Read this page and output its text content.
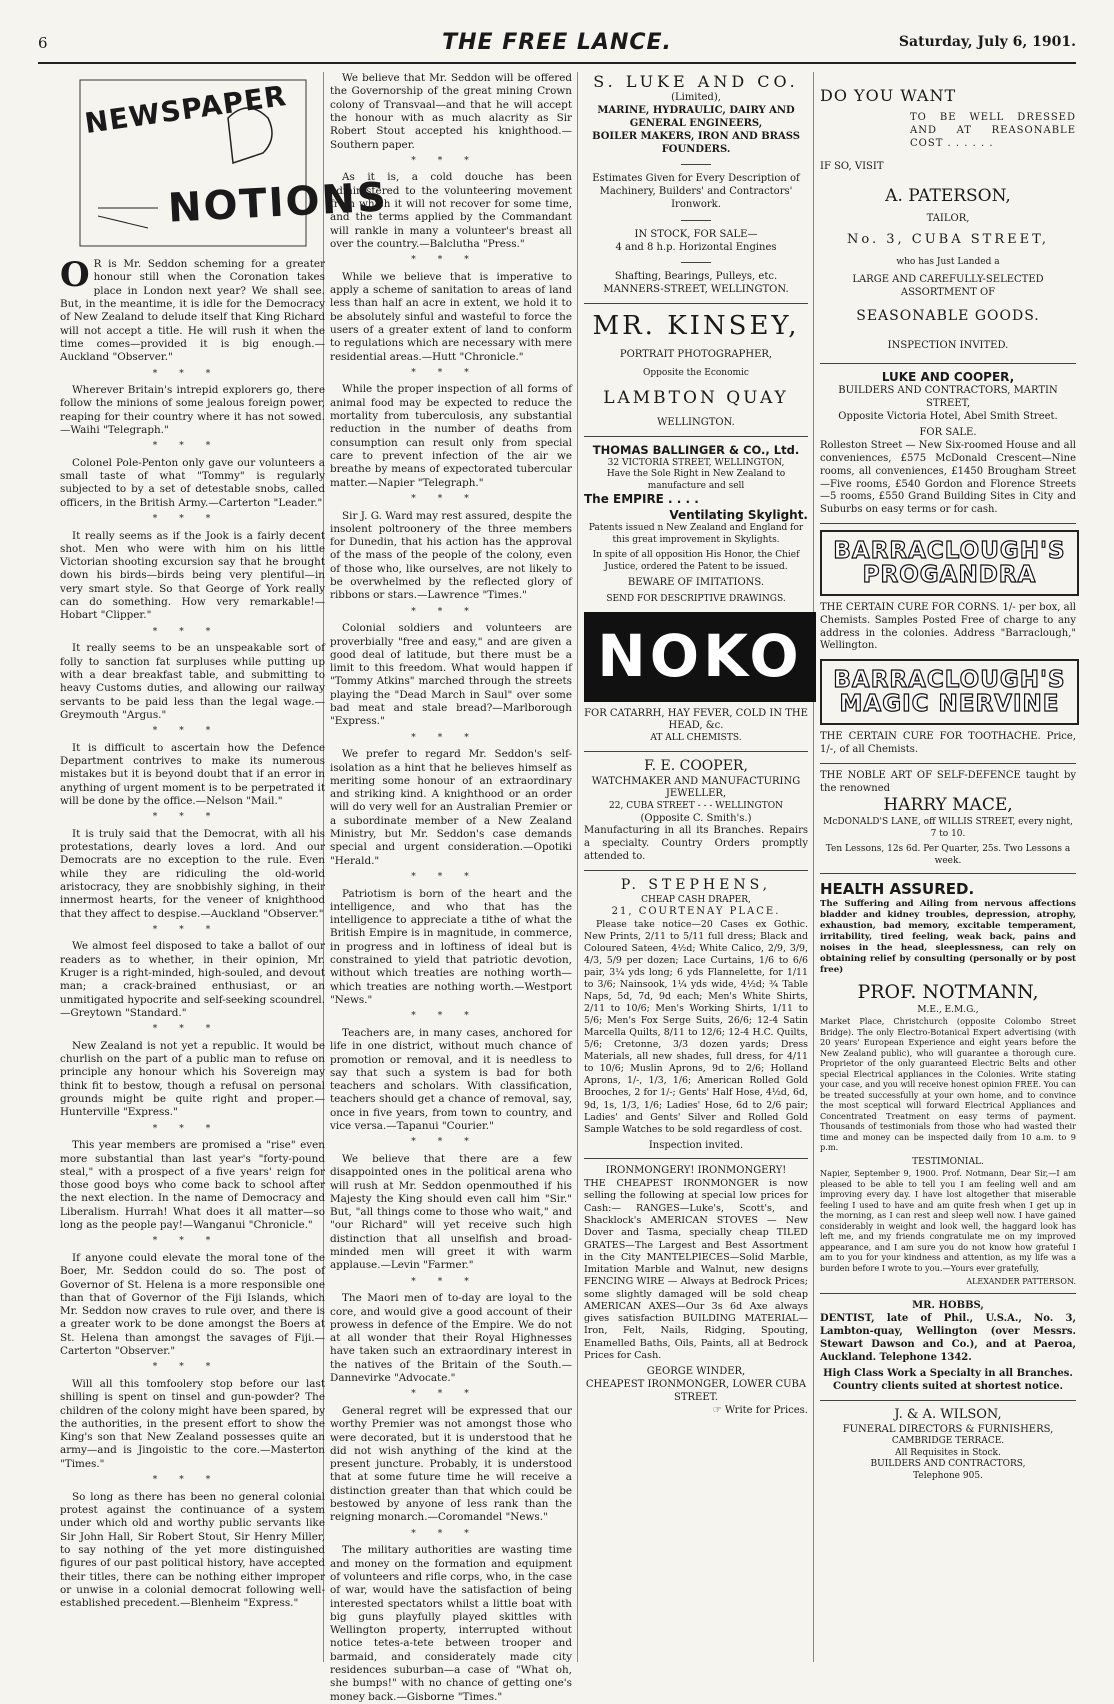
6	THE FREE LANCE.	Saturday, July 6, 1901.
NEWSPAPER
NOTIONS

O R is Mr. Seddon scheming for a greater honour still when the Coronation takes place in London next year? We shall see. But, in the meantime, it is idle for the Democracy of New Zealand to delude itself that King Richard will not accept a title. He will rush it when the time comes—provided it is big enough.—Auckland "Observer."

***

Wherever Britain's intrepid explorers go, there follow the minions of some jealous foreign power, reaping for their country where it has not sowed.—Waihi "Telegraph."

***

Colonel Pole-Penton only gave our volunteers a small taste of what "Tommy" is regularly subjected to by a set of detestable snobs, called officers, in the British Army.—Carterton "Leader."

***

It really seems as if the Jook is a fairly decent shot. Men who were with him on his little Victorian shooting excursion say that he brought down his birds—birds being very plentiful—in very smart style. So that George of York really can do something. How very remarkable!—Hobart "Clipper."

***

It really seems to be an unspeakable sort of folly to sanction fat surpluses while putting up with a dear breakfast table, and submitting to heavy Customs duties, and allowing our railway servants to be paid less than the legal wage.—Greymouth "Argus."

***

It is difficult to ascertain how the Defence Department contrives to make its numerous mistakes but it is beyond doubt that if an error in anything of urgent moment is to be perpetrated it will be done by the office.—Nelson "Mail."

***

It is truly said that the Democrat, with all his protestations, dearly loves a lord. And our Democrats are no exception to the rule. Even while they are ridiculing the old-world aristocracy, they are snobbishly sighing, in their innermost hearts, for the veneer of knighthood that they affect to despise.—Auckland "Observer."

***

We almost feel disposed to take a ballot of our readers as to whether, in their opinion, Mr. Kruger is a right-minded, high-souled, and devout man; a crack-brained enthusiast, or an unmitigated hypocrite and self-seeking scoundrel.—Greytown "Standard."

***

New Zealand is not yet a republic. It would be churlish on the part of a public man to refuse on principle any honour which his Sovereign may think fit to bestow, though a refusal on personal grounds might be quite right and proper.—Hunterville "Express."

***

This year members are promised a "rise" even more substantial than last year's "forty-pound steal," with a prospect of a five years' reign for those good boys who come back to school after the next election. In the name of Democracy and Liberalism. Hurrah! What does it all matter—so long as the people pay!—Wanganui "Chronicle."

***

If anyone could elevate the moral tone of the Boer, Mr. Seddon could do so. The post of Governor of St. Helena is a more responsible one than that of Governor of the Fiji Islands, which Mr. Seddon now craves to rule over, and there is a greater work to be done amongst the Boers at St. Helena than amongst the savages of Fiji.—Carterton "Observer."

***

Will all this tomfoolery stop before our last shilling is spent on tinsel and gun-powder? The children of the colony might have been spared, by the authorities, in the present effort to show the King's son that New Zealand possesses quite an army—and is Jingoistic to the core.—Masterton "Times."

***

So long as there has been no general colonial protest against the continuance of a system under which old and worthy public servants like Sir John Hall, Sir Robert Stout, Sir Henry Miller, to say nothing of the yet more distinguished figures of our past political history, have accepted their titles, there can be nothing either improper or unwise in a colonial democrat following well-established precedent.—Blenheim "Express."

We believe that Mr. Seddon will be offered the Governorship of the great mining Crown colony of Transvaal—and that he will accept the honour with as much alacrity as Sir Robert Stout accepted his knighthood.—Southern paper.

***

As it is, a cold douche has been administered to the volunteering movement from which it will not recover for some time, and the terms applied by the Commandant will rankle in many a volunteer's breast all over the country.—Balclutha "Press."

***

While we believe that is imperative to apply a scheme of sanitation to areas of land less than half an acre in extent, we hold it to be absolutely sinful and wasteful to force the users of a greater extent of land to conform to regulations which are necessary with mere residential areas.—Hutt "Chronicle."

***

While the proper inspection of all forms of animal food may be expected to reduce the mortality from tuberculosis, any substantial reduction in the number of deaths from consumption can result only from special care to prevent infection of the air we breathe by means of expectorated tubercular matter.—Napier "Telegraph."

***

Sir J. G. Ward may rest assured, despite the insolent poltroonery of the three members for Dunedin, that his action has the approval of the mass of the people of the colony, even of those who, like ourselves, are not likely to be overwhelmed by the reflected glory of ribbons or stars.—Lawrence "Times."

***

Colonial soldiers and volunteers are proverbially "free and easy," and are given a good deal of latitude, but there must be a limit to this freedom. What would happen if "Tommy Atkins" marched through the streets playing the "Dead March in Saul" over some bad meat and stale bread?—Marlborough "Express."

***

We prefer to regard Mr. Seddon's self-isolation as a hint that he believes himself as meriting some honour of an extraordinary and striking kind. A knighthood or an order will do very well for an Australian Premier or a subordinate member of a New Zealand Ministry, but Mr. Seddon's case demands special and urgent consideration.—Opotiki "Herald."

***

Patriotism is born of the heart and the intelligence, and who that has the intelligence to appreciate a tithe of what the British Empire is in magnitude, in commerce, in progress and in loftiness of ideal but is constrained to yield that patriotic devotion, without which treaties are nothing worth—which treaties are nothing worth.—Westport "News."

***

Teachers are, in many cases, anchored for life in one district, without much chance of promotion or removal, and it is needless to say that such a system is bad for both teachers and scholars. With classification, teachers should get a chance of removal, say, once in five years, from town to country, and vice versa.—Tapanui "Courier."

***

We believe that there are a few disappointed ones in the political arena who will rush at Mr. Seddon openmouthed if his Majesty the King should even call him "Sir." But, "all things come to those who wait," and "our Richard" will yet receive such high distinction that all unselfish and broad-minded men will greet it with warm applause.—Levin "Farmer."

***

The Maori men of to-day are loyal to the core, and would give a good account of their prowess in defence of the Empire. We do not at all wonder that their Royal Highnesses have taken such an extraordinary interest in the natives of the Britain of the South.—Dannevirke "Advocate."

***

General regret will be expressed that our worthy Premier was not amongst those who were decorated, but it is understood that he did not wish anything of the kind at the present juncture. Probably, it is understood that at some future time he will receive a distinction greater than that which could be bestowed by anyone of less rank than the reigning monarch.—Coromandel "News."

***

The military authorities are wasting time and money on the formation and equipment of volunteers and rifle corps, who, in the case of war, would have the satisfaction of being interested spectators whilst a little boat with big guns playfully played skittles with Wellington property, interrupted without notice tetes-a-tete between trooper and barmaid, and considerately made city residences suburban—a case of "What oh, she bumps!" with no chance of getting one's money back.—Gisborne "Times."

S. LUKE AND CO.
(Limited),
MARINE, HYDRAULIC, DAIRY AND GENERAL ENGINEERS,
BOILER MAKERS, IRON AND BRASS FOUNDERS.
Estimates Given for Every Description of Machinery, Builders' and Contractors' Ironwork.
IN STOCK, FOR SALE—
4 and 8 h.p. Horizontal Engines
Shafting, Bearings, Pulleys, etc.
MANNERS-STREET, WELLINGTON.
MR. KINSEY,
PORTRAIT PHOTOGRAPHER,
Opposite the Economic
LAMBTON QUAY
WELLINGTON.
THOMAS BALLINGER & CO., Ltd.
32 VICTORIA STREET, WELLINGTON,
Have the Sole Right in New Zealand to manufacture and sell
The EMPIRE . . . .
Ventilating Skylight.
Patents issued n New Zealand and England for this great improvement in Skylights.
In spite of all opposition His Honor, the Chief Justice, ordered the Patent to be issued.
BEWARE OF IMITATIONS.
SEND FOR DESCRIPTIVE DRAWINGS.
NOKO
FOR CATARRH, HAY FEVER, COLD IN THE HEAD, &c.
AT ALL CHEMISTS.
F. E. COOPER,
WATCHMAKER AND MANUFACTURING JEWELLER,
22, CUBA STREET - - - WELLINGTON
(Opposite C. Smith's.)
Manufacturing in all its Branches. Repairs a specialty. Country Orders promptly attended to.
P. STEPHENS,
CHEAP CASH DRAPER,
21, COURTENAY PLACE.

Please take notice—20 Cases ex Gothic. New Prints, 2/11 to 5/11 full dress; Black and Coloured Sateen, 4½d; White Calico, 2/9, 3/9, 4/3, 5/9 per dozen; Lace Curtains, 1/6 to 6/6 pair, 3¼ yds long; 6 yds Flannelette, for 1/11 to 3/6; Nainsook, 1¼ yds wide, 4½d; ¾ Table Naps, 5d, 7d, 9d each; Men's White Shirts, 2/11 to 10/6; Men's Working Shirts, 1/11 to 5/6; Men's Fox Serge Suits, 26/6; 12-4 Satin Marcella Quilts, 8/11 to 12/6; 12-4 H.C. Quilts, 5/6; Cretonne, 3/3 dozen yards; Dress Materials, all new shades, full dress, for 4/11 to 10/6; Muslin Aprons, 9d to 2/6; Holland Aprons, 1/-, 1/3, 1/6; American Rolled Gold Brooches, 2 for 1/-; Gents' Half Hose, 4½d, 6d, 9d, 1s, 1/3, 1/6; Ladies' Hose, 6d to 2/6 pair; Ladies' and Gents' Silver and Rolled Gold Sample Watches to be sold regardless of cost.

Inspection invited.
IRONMONGERY! IRONMONGERY!

THE CHEAPEST IRONMONGER is now selling the following at special low prices for Cash:— RANGES—Luke's, Scott's, and Shacklock's AMERICAN STOVES — New Dover and Tasma, specially cheap TILED GRATES—The Largest and Best Assortment in the City MANTELPIECES—Solid Marble, Imitation Marble and Walnut, new designs FENCING WIRE — Always at Bedrock Prices; some slightly damaged will be sold cheap AMERICAN AXES—Our 3s 6d Axe always gives satisfaction BUILDING MATERIAL—Iron, Felt, Nails, Ridging, Spouting, Enamelled Baths, Oils, Paints, all at Bedrock Prices for Cash.

GEORGE WINDER,
CHEAPEST IRONMONGER, LOWER CUBA STREET.
☞ Write for Prices.
DO YOU WANT
TO BE WELL DRESSED AND AT REASONABLE COST . . . . . .
IF SO, VISIT
A. PATERSON,
TAILOR,
No. 3, CUBA STREET,
who has Just Landed a
LARGE AND CAREFULLY-SELECTED ASSORTMENT OF
SEASONABLE GOODS.
INSPECTION INVITED.
LUKE AND COOPER,
BUILDERS AND CONTRACTORS, MARTIN STREET,
Opposite Victoria Hotel, Abel Smith Street.
FOR SALE.

Rolleston Street — New Six-roomed House and all conveniences, £575 McDonald Crescent—Nine rooms, all conveniences, £1450 Brougham Street—Five rooms, £540 Gordon and Florence Streets—5 rooms, £550 Grand Building Sites in City and Suburbs on easy terms or for cash.

BARRACLOUGH'S PROGANDRA

THE CERTAIN CURE FOR CORNS. 1/- per box, all Chemists. Samples Posted Free of charge to any address in the colonies. Address "Barraclough," Wellington.

BARRACLOUGH'S MAGIC NERVINE

THE CERTAIN CURE FOR TOOTHACHE. Price, 1/-, of all Chemists.

THE NOBLE ART OF SELF-DEFENCE taught by the renowned
HARRY MACE,
McDONALD'S LANE, off WILLIS STREET, every night, 7 to 10.
Ten Lessons, 12s 6d. Per Quarter, 25s. Two Lessons a week.
HEALTH ASSURED.

The Suffering and Ailing from nervous affections bladder and kidney troubles, depression, atrophy, exhaustion, bad memory, excitable temperament, irritability, tired feeling, weak back, pains and noises in the head, sleeplessness, can rely on obtaining relief by consulting (personally or by post free)

PROF. NOTMANN,
M.E., E.M.G.,

Market Place, Christchurch (opposite Colombo Street Bridge). The only Electro-Botanical Expert advertising (with 20 years' European Experience and eight years before the New Zealand public), who will guarantee a thorough cure. Proprietor of the only guaranteed Electric Belts and other special Electrical appliances in the Colonies. Write stating your case, and you will receive honest opinion FREE. You can be treated successfully at your own home, and to convince the most sceptical will forward Electrical Appliances and Concentrated Treatment on easy terms of payment. Thousands of testimonials from those who had wasted their time and money can be inspected daily from 10 a.m. to 9 p.m.

TESTIMONIAL.

Napier, September 9, 1900. Prof. Notmann, Dear Sir,—I am pleased to be able to tell you I am feeling well and am improving every day. I have lost altogether that miserable feeling I used to have and am quite fresh when I get up in the morning, as I can rest and sleep well now. I have gained considerably in weight and look well, the haggard look has left me, and my friends congratulate me on my improved appearance, and I am sure you do not know how grateful I am to you for your kindness and attention, as my life was a burden before I wrote to you.—Yours ever gratefully,

ALEXANDER PATTERSON.
MR. HOBBS,

DENTIST, late of Phil., U.S.A., No. 3, Lambton-quay, Wellington (over Messrs. Stewart Dawson and Co.), and at Paeroa, Auckland. Telephone 1342.

High Class Work a Specialty in all Branches.
Country clients suited at shortest notice.
J. & A. WILSON,
FUNERAL DIRECTORS & FURNISHERS,
CAMBRIDGE TERRACE.
All Requisites in Stock.
BUILDERS AND CONTRACTORS,
Telephone 905.
